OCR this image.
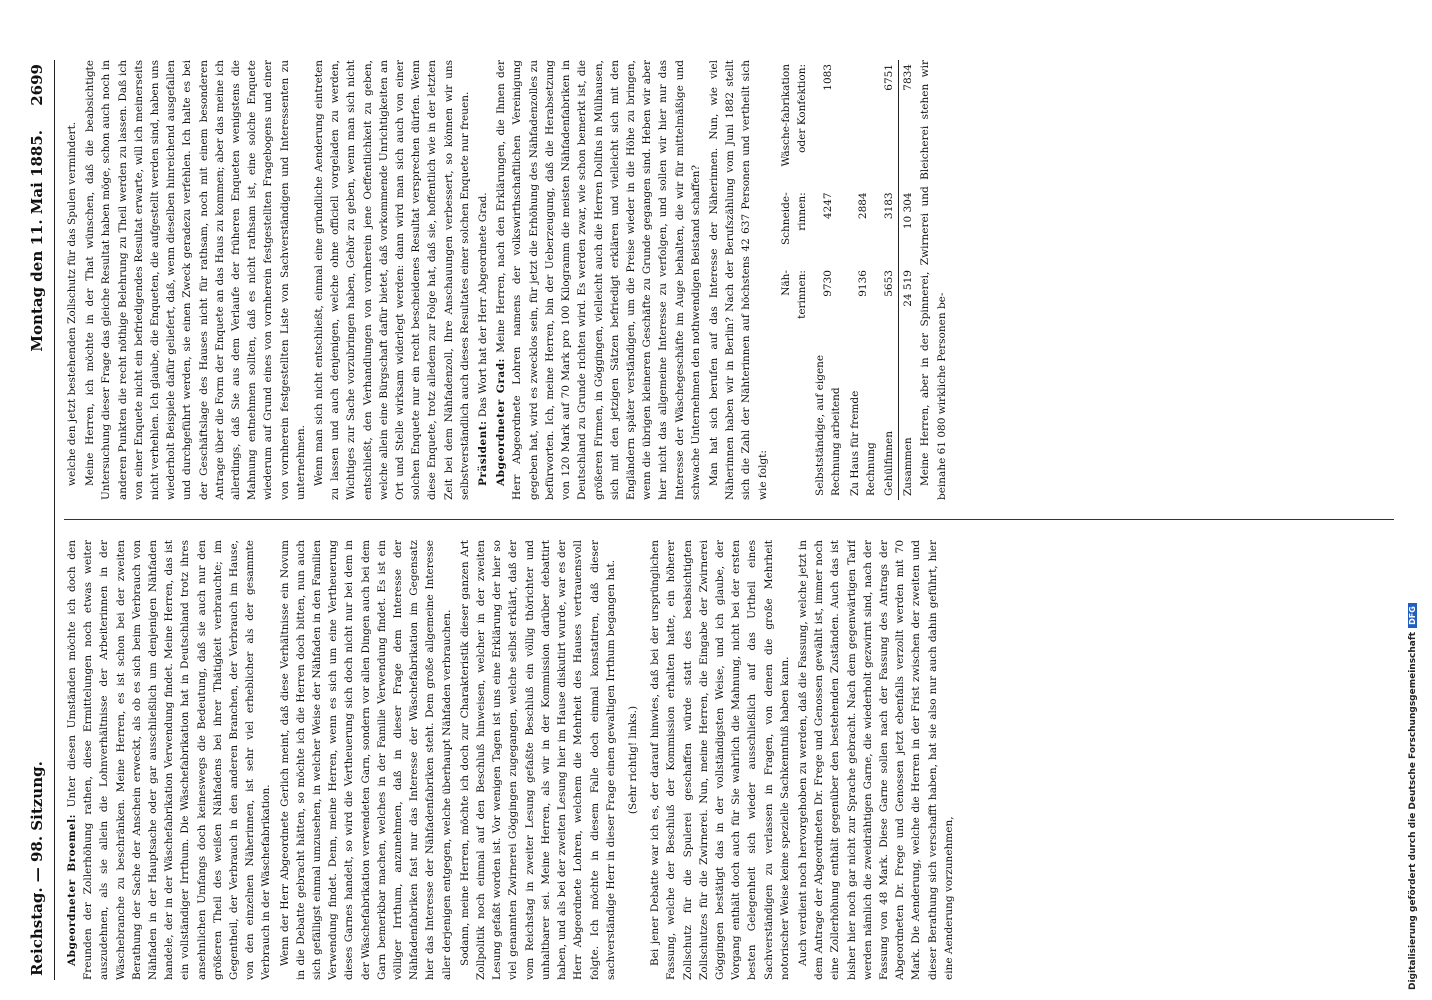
Reichstag. — 98. Sitzung.
Montag den 11. Mai 1885.
2699

Abgeordneter Broemel: Unter diesen Umständen möchte ich doch den Freunden der Zollerhöhung rathen, diese Ermittelungen noch etwas weiter auszudehnen, als sie allein die Lohnverhältnisse der Arbeiterinnen in der Wäschebranche zu beschränken. Meine Herren, es ist schon bei der zweiten Berathung der Sache der Anschein erweckt, als ob es sich beim Verbrauch von Nähfaden in der Hauptsache oder gar ausschließlich um denjenigen Nähfaden handele, der in der Wäschefabrikation Verwendung findet. Meine Herren, das ist ein vollständiger Irrthum. Die Wäschefabrikation hat in Deutschland trotz ihres ansehnlichen Umfangs doch keineswegs die Bedeutung, daß sie auch nur den größeren Theil des weißen Nähfadens bei ihrer Thätigkeit verbrauchte; im Gegentheil, der Verbrauch in den anderen Branchen, der Verbrauch im Hause, von den einzelnen Näherinnen, ist sehr viel erheblicher als der gesammte Verbrauch in der Wäschefabrikation. Wenn der Herr Abgeordnete Gerlich meint, daß diese Verhältnisse ein Novum in die Debatte gebracht hätten, so möchte ich die Herren doch bitten, nun auch sich gefälligst einmal umzusehen, in welcher Weise der Nähfaden in den Familien Verwendung findet. Denn, meine Herren, wenn es sich um eine Vertheuerung dieses Garnes handelt, so wird die Vertheuerung sich doch nicht nur bei dem in der Wäschefabrikation verwendeten Garn, sondern vor allen Dingen auch bei dem Garn bemerkbar machen, welches in der Familie Verwendung findet. Es ist ein völliger Irrthum, anzunehmen, daß in dieser Frage dem Interesse der Nähfadenfabriken fast nur das Interesse der Wäschefabrikation im Gegensatz hier das Interesse der Nähfadenfabriken steht. Dem große allgemeine Interesse aller derjenigen entgegen, welche überhaupt Nähfaden verbrauchen. Sodann, meine Herren, möchte ich doch zur Charakteristik dieser ganzen Art Zollpolitik noch einmal auf den Beschluß hinweisen, welcher in der zweiten Lesung gefaßt worden ist. Vor wenigen Tagen ist uns eine Erklärung der hier so viel genannten Zwirnerei Göggingen zugegangen, welche selbst erklärt, daß der vom Reichstag in zweiter Lesung gefaßte Beschluß ein völlig thörichter und unhaltbarer sei. Meine Herren, als wir in der Kommission darüber debattirt haben, und als bei der zweiten Lesung hier im Hause diskutirt wurde, war es der Herr Abgeordnete Lohren, welchem die Mehrheit des Hauses vertrauensvoll folgte. Ich möchte in diesem Falle doch einmal konstatiren, daß dieser sachverständige Herr in dieser Frage einen gewaltigen Irrthum begangen hat. (Sehr richtig! links.) Bei jener Debatte war ich es, der darauf hinwies, daß bei der ursprünglichen Fassung, welche der Beschluß der Kommission erhalten hatte, ein höherer Zollschutz für die Spulerei geschaffen würde statt des beabsichtigten Zollschutzes für die Zwirnerei. Nun, meine Herren, die Eingabe der Zwirnerei Göggingen bestätigt das in der vollständigsten Weise, und ich glaube, der Vorgang enthält doch auch für Sie wahrlich die Mahnung, nicht bei der ersten besten Gelegenheit sich wieder ausschließlich auf das Urtheil eines Sachverständigen zu verlassen in Fragen, von denen die große Mehrheit notorischer Weise keine spezielle Sachkenntniß haben kann. Auch verdient noch hervorgehoben zu werden, daß die Fassung, welche jetzt in dem Antrage der Abgeordneten Dr. Frege und Genossen gewählt ist, immer noch eine Zollerhöhung enthält gegenüber den bestehenden Zuständen. Auch das ist bisher hier noch gar nicht zur Sprache gebracht. Nach dem gegenwärtigen Tarif werden nämlich die zweidrähtigen Garne, die wiederholt gezwirnt sind, nach der Fassung von 48 Mark. Diese Garne sollen nach der Fassung des Antrags der Abgeordneten Dr. Frege und Genossen jetzt ebenfalls verzollt werden mit 70 Mark. Die Aenderung, welche die Herren in der Frist zwischen der zweiten und dieser Berathung sich verschafft haben, hat sie also nur auch dahin geführt, hier eine Aenderung vorzunehmen,

welche den jetzt bestehenden Zollschutz für das Spulen vermindert. Meine Herren, ich möchte in der That wünschen, daß die beabsichtigte Untersuchung dieser Frage das gleiche Resultat haben möge, schon auch noch in anderen Punkten die recht nöthige Belehrung zu Theil werden zu lassen. Daß ich von einer Enquete nicht ein befriedigendes Resultat erwarte, will ich meinerseits nicht verhehlen. Ich glaube, die Enqueten, die aufgestellt werden sind, haben uns wiederholt Beispiele dafür geliefert, daß, wenn dieselben hinreichend ausgefallen und durchgeführt werden, sie einen Zweck geradezu verfehlen. Ich halte es bei der Geschäftslage des Hauses nicht für rathsam, noch mit einem besonderen Antrage über die Form der Enquete an das Haus zu kommen; aber das meine ich allerdings, daß Sie aus dem Verlaufe der früheren Enqueten wenigstens die Mahnung entnehmen sollten, daß es nicht rathsam ist, eine solche Enquete wiederum auf Grund eines von vornherein festgestellten Fragebogens und einer von vornherein festgestellten Liste von Sachverständigen und Interessenten zu unternehmen. Wenn man sich nicht entschließt, einmal eine gründliche Aenderung eintreten zu lassen und auch denjenigen, welche ohne officiell vorgeladen zu werden, Wichtiges zur Sache vorzubringen haben, Gehör zu geben, wenn man sich nicht entschließt, den Verhandlungen von vornherein jene Oeffentlichkeit zu geben, welche allein eine Bürgschaft dafür bietet, daß vorkommende Unrichtigkeiten an Ort und Stelle wirksam widerlegt werden: dann wird man sich auch von einer solchen Enquete nur ein recht bescheidenes Resultat versprechen dürfen. Wenn diese Enquete, trotz alledem zur Folge hat, daß sie, hoffentlich wie in der letzten Zeit bei dem Nähfadenzoll, Ihre Anschauungen verbessert, so können wir uns selbstverständlich auch dieses Resultates einer solchen Enquete nur freuen. Präsident: Das Wort hat der Herr Abgeordnete Grad.

Abgeordneter Grad: Meine Herren, nach den Erklärungen, die Ihnen der Herr Abgeordnete Lohren namens der volkswirthschaftlichen Vereinigung gegeben hat, wird es zwecklos sein, für jetzt die Erhöhung des Nähfadenzolles zu befürworten. Ich, meine Herren, bin der Ueberzeugung, daß die Herabsetzung von 120 Mark auf 70 Mark pro 100 Kilogramm die meisten Nähfadenfabriken in Deutschland zu Grunde richten wird. Es werden zwar, wie schon bemerkt ist, die größeren Firmen, in Göggingen, vielleicht auch die Herren Dollfus in Mülhausen, sich mit den jetzigen Sätzen befriedigt erklären und vielleicht sich mit den Engländern später verständigen, um die Preise wieder in die Höhe zu bringen, wenn die übrigen kleineren Geschäfte zu Grunde gegangen sind. Heben wir aber hier nicht das allgemeine Interesse zu verfolgen, und sollen wir hier nur das Interesse der Wäschegeschäfte im Auge behalten, die wir für mittelmäßige und schwache Unternehmen den nothwendigen Beistand schaffen? Man hat sich berufen auf das Interesse der Näherinnen. Nun, wie viel Näherinnen haben wir in Berlin? Nach der Berufszählung vom Juni 1882 stellt sich die Zahl der Nähterinnen auf höchstens 42 637 Personen und vertheilt sich wie folgt:

	Näh-terinnen:	Schneide-rinnen:	Wäsche-fabrikation oder Konfektion:
Selbstständige, auf eigene Rechnung arbeitend	9730	4247	1083
Zu Haus für fremde Rechnung	9136	2884	
Gehülfinnen	5653	3183	6751
Zusammen	24 519	10 304	7834 Meine Herren, aber in der Spinnerei, Zwirnerei und Bleicherei stehen wir beinahe 61 080 wirkliche Personen be-

Digitalisierung gefördert durch die Deutsche ForschungsgemeinschaftDFG
